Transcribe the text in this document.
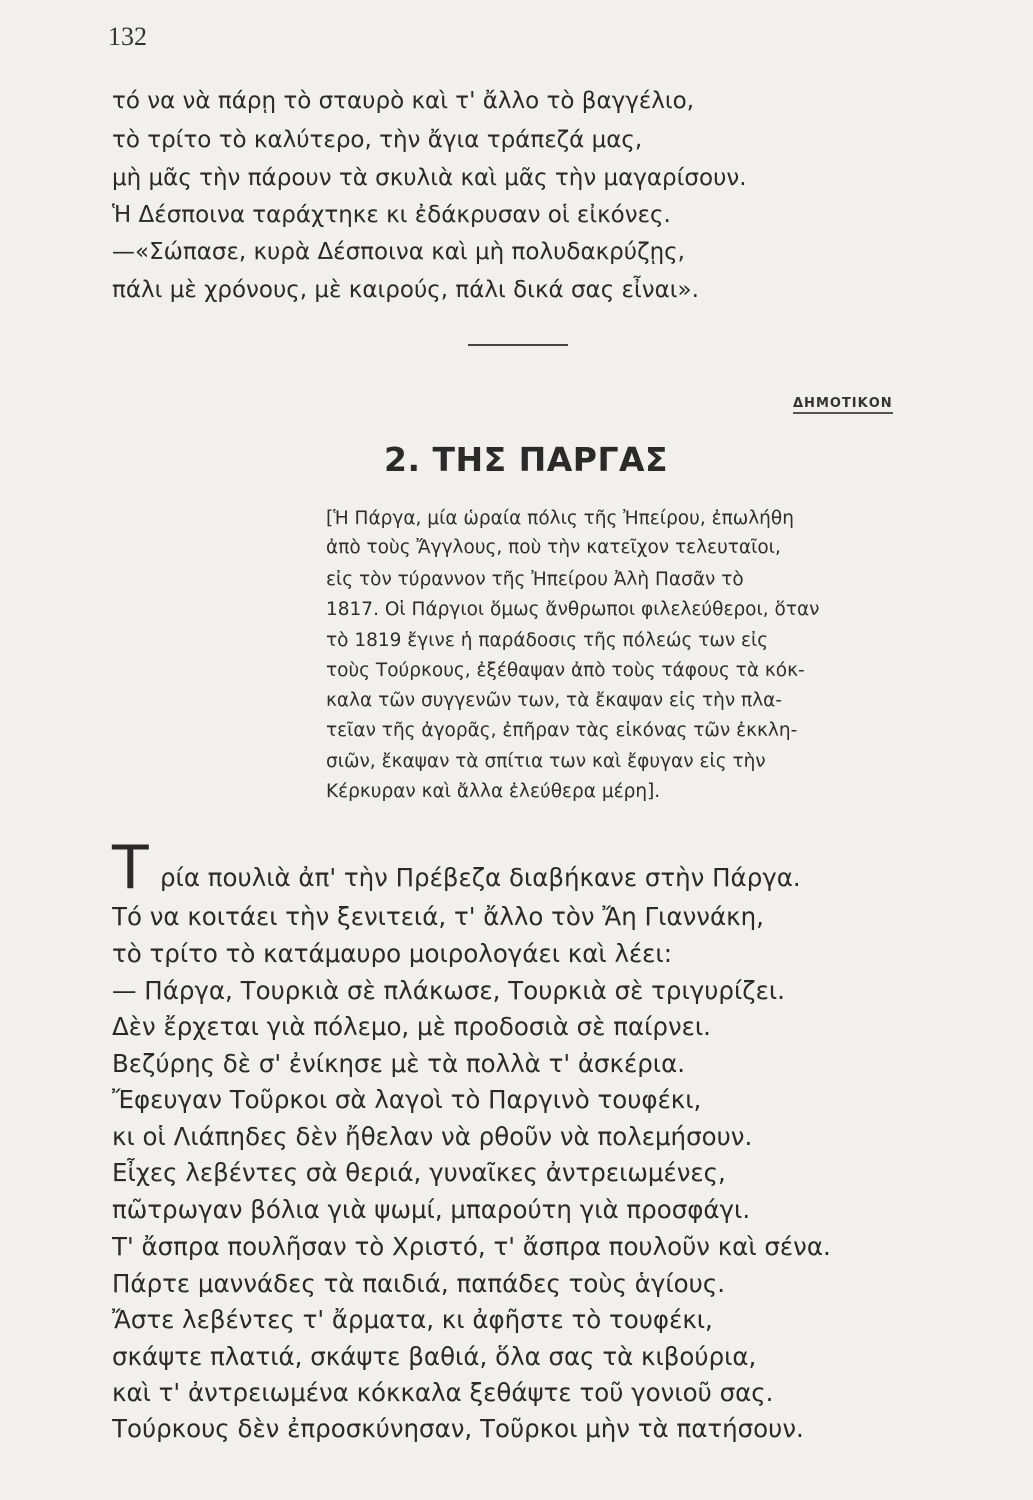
132

τό να νὰ πάρῃ τὸ σταυρὸ καὶ τ' ἄλλο τὸ βαγγέλιο,

τὸ τρίτο τὸ καλύτερο, τὴν ἄγια τράπεζά μας,

μὴ μᾶς τὴν πάρουν τὰ σκυλιὰ καὶ μᾶς τὴν μαγαρίσουν.

Ἡ Δέσποινα ταράχτηκε κι ἐδάκρυσαν οἱ εἰκόνες.

—«Σώπασε, κυρὰ Δέσποινα καὶ μὴ πολυδακρύζῃς,

πάλι μὲ χρόνους, μὲ καιρούς, πάλι δικά σας εἶναι».

ΔΗΜΟΤΙΚΟΝ
2. ΤΗΣ ΠΑΡΓΑΣ

[Ἡ Πάργα, μία ὡραία πόλις τῆς Ἠπείρου, ἐπωλήθη

ἀπὸ τοὺς Ἄγγλους, ποὺ τὴν κατεῖχον τελευταῖοι,

εἰς τὸν τύραννον τῆς Ἠπείρου Ἀλὴ Πασᾶν τὸ

1817. Οἱ Πάργιοι ὅμως ἄνθρωποι φιλελεύθεροι, ὅταν

τὸ 1819 ἔγινε ἡ παράδοσις τῆς πόλεώς των εἰς

τοὺς Τούρκους, ἐξέθαψαν ἀπὸ τοὺς τάφους τὰ κόκ-

καλα τῶν συγγενῶν των, τὰ ἔκαψαν εἰς τὴν πλα-

τεῖαν τῆς ἀγορᾶς, ἐπῆραν τὰς εἰκόνας τῶν ἐκκλη-

σιῶν, ἔκαψαν τὰ σπίτια των καὶ ἔφυγαν εἰς τὴν

Κέρκυραν καὶ ἄλλα ἐλεύθερα μέρη].

Τ ρία πουλιὰ ἀπ' τὴν Πρέβεζα διαβήκανε στὴν Πάργα.

Τό να κοιτάει τὴν ξενιτειά, τ' ἄλλο τὸν Ἄη Γιαννάκη,

τὸ τρίτο τὸ κατάμαυρο μοιρολογάει καὶ λέει:

— Πάργα, Τουρκιὰ σὲ πλάκωσε, Τουρκιὰ σὲ τριγυρίζει.

Δὲν ἔρχεται γιὰ πόλεμο, μὲ προδοσιὰ σὲ παίρνει.

Βεζύρης δὲ σ' ἐνίκησε μὲ τὰ πολλὰ τ' ἀσκέρια.

Ἔφευγαν Τοῦρκοι σὰ λαγοὶ τὸ Παργινὸ τουφέκι,

κι οἱ Λιάπηδες δὲν ἤθελαν νὰ ρθοῦν νὰ πολεμήσουν.

Εἶχες λεβέντες σὰ θεριά, γυναῖκες ἀντρειωμένες,

πῶτρωγαν βόλια γιὰ ψωμί, μπαρούτη γιὰ προσφάγι.

Τ' ἄσπρα πουλῆσαν τὸ Χριστό, τ' ἄσπρα πουλοῦν καὶ σένα.

Πάρτε μαννάδες τὰ παιδιά, παπάδες τοὺς ἁγίους.

Ἄστε λεβέντες τ' ἄρματα, κι ἀφῆστε τὸ τουφέκι,

σκάψτε πλατιά, σκάψτε βαθιά, ὅλα σας τὰ κιβούρια,

καὶ τ' ἀντρειωμένα κόκκαλα ξεθάψτε τοῦ γονιοῦ σας.

Τούρκους δὲν ἐπροσκύνησαν, Τοῦρκοι μὴν τὰ πατήσουν.
